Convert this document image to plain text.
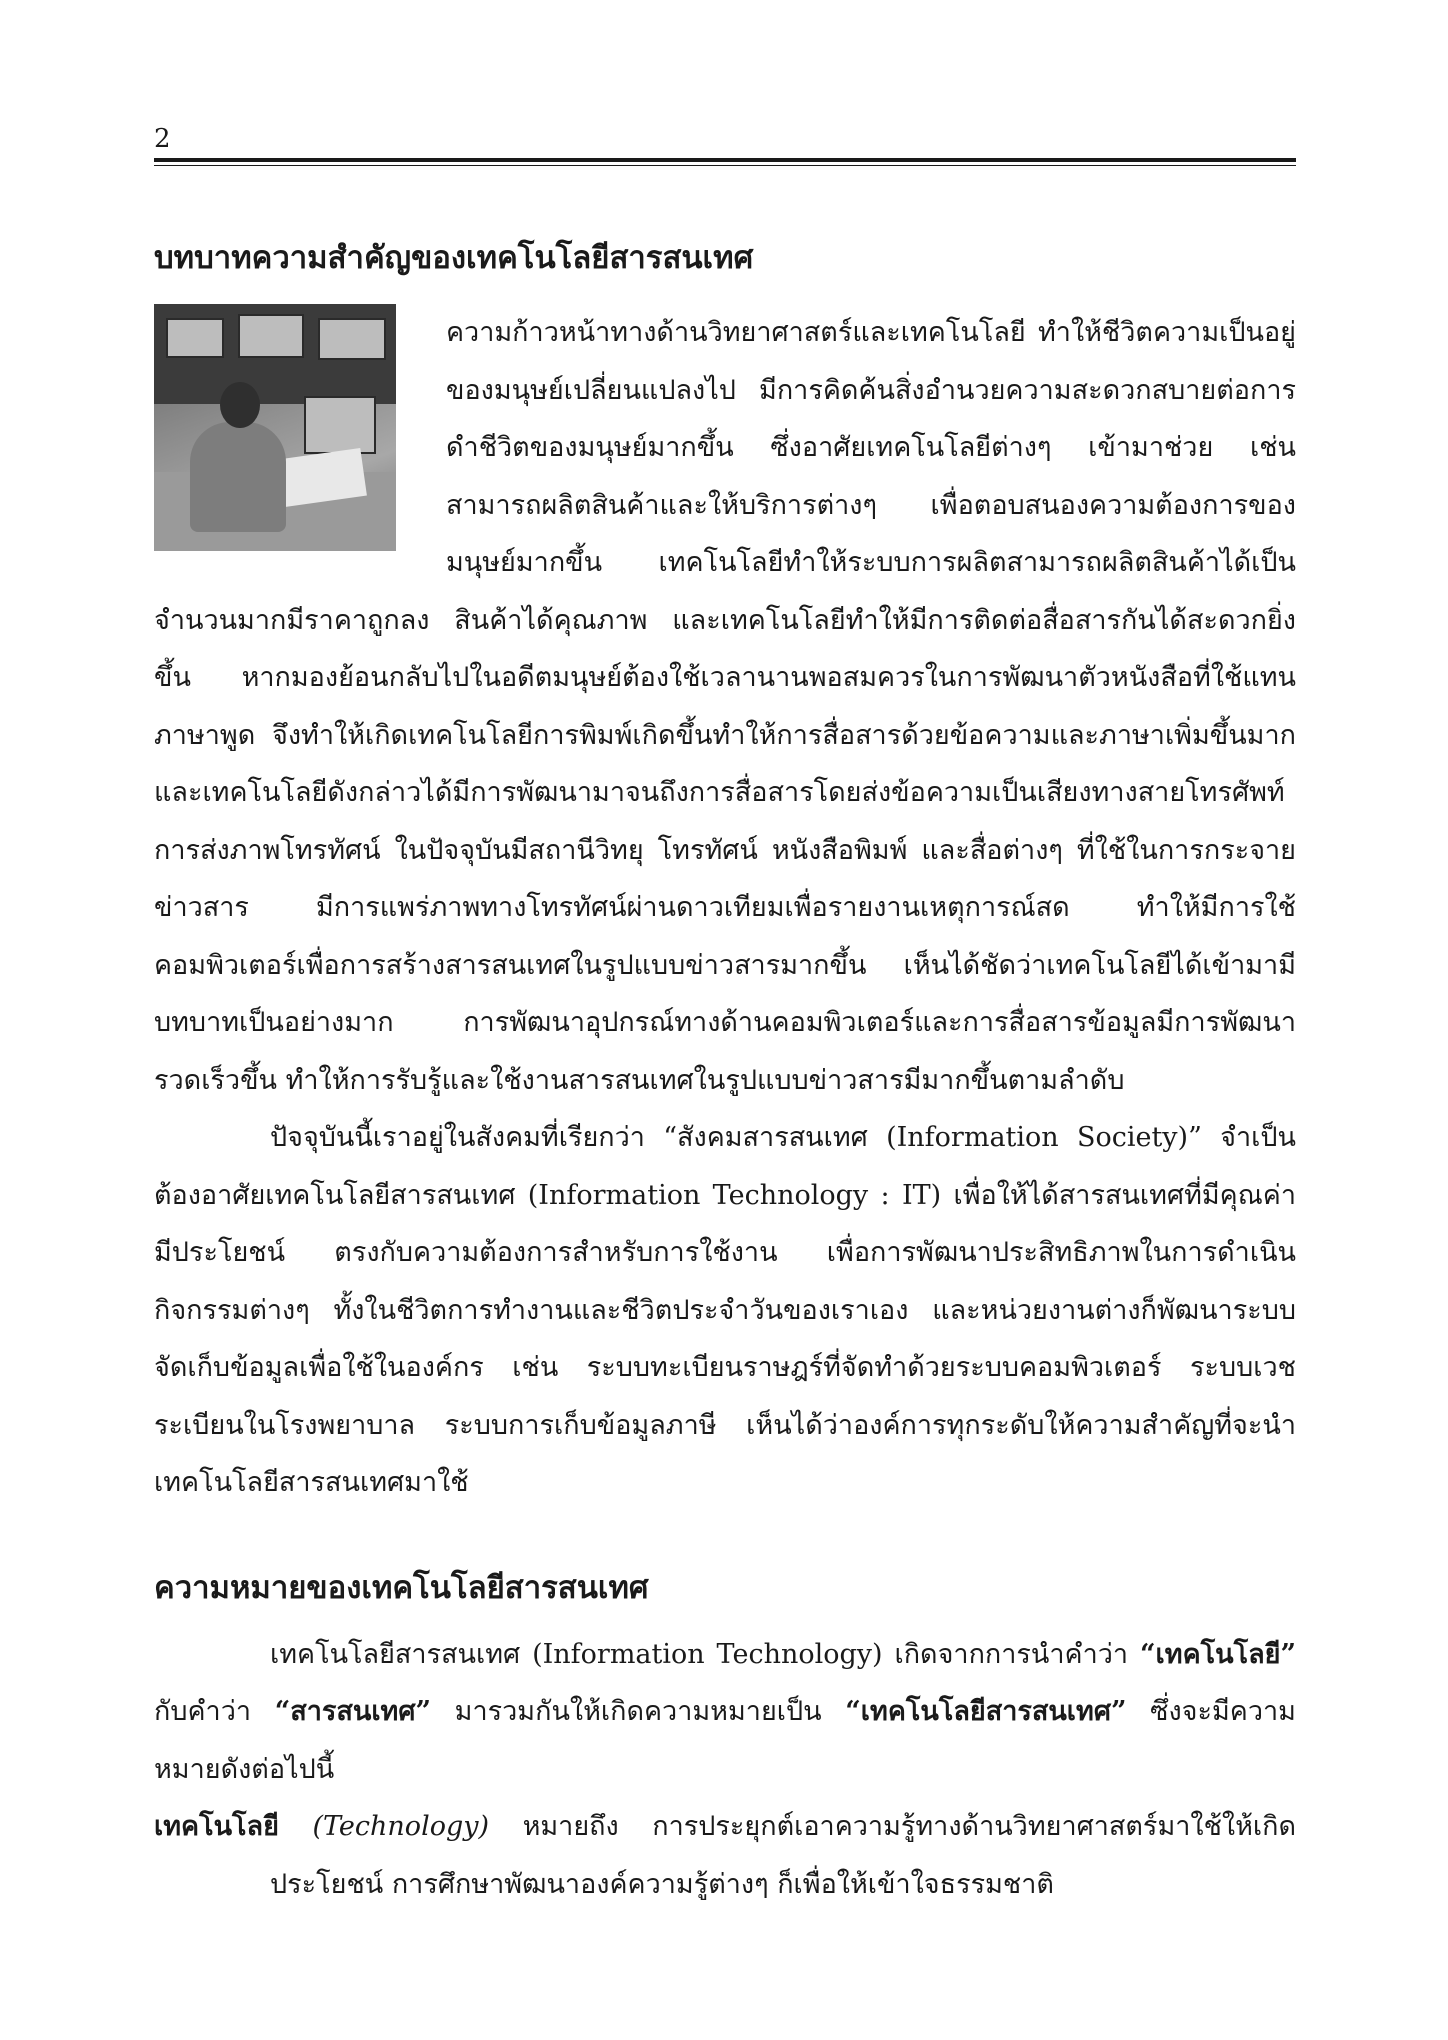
2
บทบาทความสำคัญของเทคโนโลยีสารสนเทศ

ความก้าวหน้าทางด้านวิทยาศาสตร์และเทคโนโลยี ทำให้ชีวิตความเป็นอยู่ของมนุษย์เปลี่ยนแปลงไป มีการคิดค้นสิ่งอำนวยความสะดวกสบายต่อการดำชีวิตของมนุษย์มากขึ้น ซึ่งอาศัยเทคโนโลยีต่างๆ เข้ามาช่วย เช่น สามารถผลิตสินค้าและให้บริการต่างๆ เพื่อตอบสนองความต้องการของมนุษย์มากขึ้น เทคโนโลยีทำให้ระบบการผลิตสามารถผลิตสินค้าได้เป็นจำนวนมากมีราคาถูกลง สินค้าได้คุณภาพ และเทคโนโลยีทำให้มีการติดต่อสื่อสารกันได้สะดวกยิ่งขึ้น หากมองย้อนกลับไปในอดีตมนุษย์ต้องใช้เวลานานพอสมควรในการพัฒนาตัวหนังสือที่ใช้แทนภาษาพูด จึงทำให้เกิดเทคโนโลยีการพิมพ์เกิดขึ้นทำให้การสื่อสารด้วยข้อความและภาษาเพิ่มขึ้นมาก และเทคโนโลยีดังกล่าวได้มีการพัฒนามาจนถึงการสื่อสารโดยส่งข้อความเป็นเสียงทางสายโทรศัพท์ การส่งภาพโทรทัศน์ ในปัจจุบันมีสถานีวิทยุ โทรทัศน์ หนังสือพิมพ์ และสื่อต่างๆ ที่ใช้ในการกระจายข่าวสาร มีการแพร่ภาพทางโทรทัศน์ผ่านดาวเทียมเพื่อรายงานเหตุการณ์สด ทำให้มีการใช้คอมพิวเตอร์เพื่อการสร้างสารสนเทศในรูปแบบข่าวสารมากขึ้น เห็นได้ชัดว่าเทคโนโลยีได้เข้ามามีบทบาทเป็นอย่างมาก การพัฒนาอุปกรณ์ทางด้านคอมพิวเตอร์และการสื่อสารข้อมูลมีการพัฒนารวดเร็วขึ้น ทำให้การรับรู้และใช้งานสารสนเทศในรูปแบบข่าวสารมีมากขึ้นตามลำดับ

ปัจจุบันนี้เราอยู่ในสังคมที่เรียกว่า “สังคมสารสนเทศ (Information Society)” จำเป็นต้องอาศัยเทคโนโลยีสารสนเทศ (Information Technology : IT) เพื่อให้ได้สารสนเทศที่มีคุณค่า มีประโยชน์ ตรงกับความต้องการสำหรับการใช้งาน เพื่อการพัฒนาประสิทธิภาพในการดำเนินกิจกรรมต่างๆ ทั้งในชีวิตการทำงานและชีวิตประจำวันของเราเอง และหน่วยงานต่างก็พัฒนาระบบจัดเก็บข้อมูลเพื่อใช้ในองค์กร เช่น ระบบทะเบียนราษฎร์ที่จัดทำด้วยระบบคอมพิวเตอร์ ระบบเวชระเบียนในโรงพยาบาล ระบบการเก็บข้อมูลภาษี เห็นได้ว่าองค์การทุกระดับให้ความสำคัญที่จะนำเทคโนโลยีสารสนเทศมาใช้

ความหมายของเทคโนโลยีสารสนเทศ

เทคโนโลยีสารสนเทศ (Information Technology) เกิดจากการนำคำว่า “เทคโนโลยี” กับคำว่า “สารสนเทศ” มารวมกันให้เกิดความหมายเป็น “เทคโนโลยีสารสนเทศ” ซึ่งจะมีความหมายดังต่อไปนี้

เทคโนโลยี (Technology) หมายถึง การประยุกต์เอาความรู้ทางด้านวิทยาศาสตร์มาใช้ให้เกิดประโยชน์ การศึกษาพัฒนาองค์ความรู้ต่างๆ ก็เพื่อให้เข้าใจธรรมชาติ
